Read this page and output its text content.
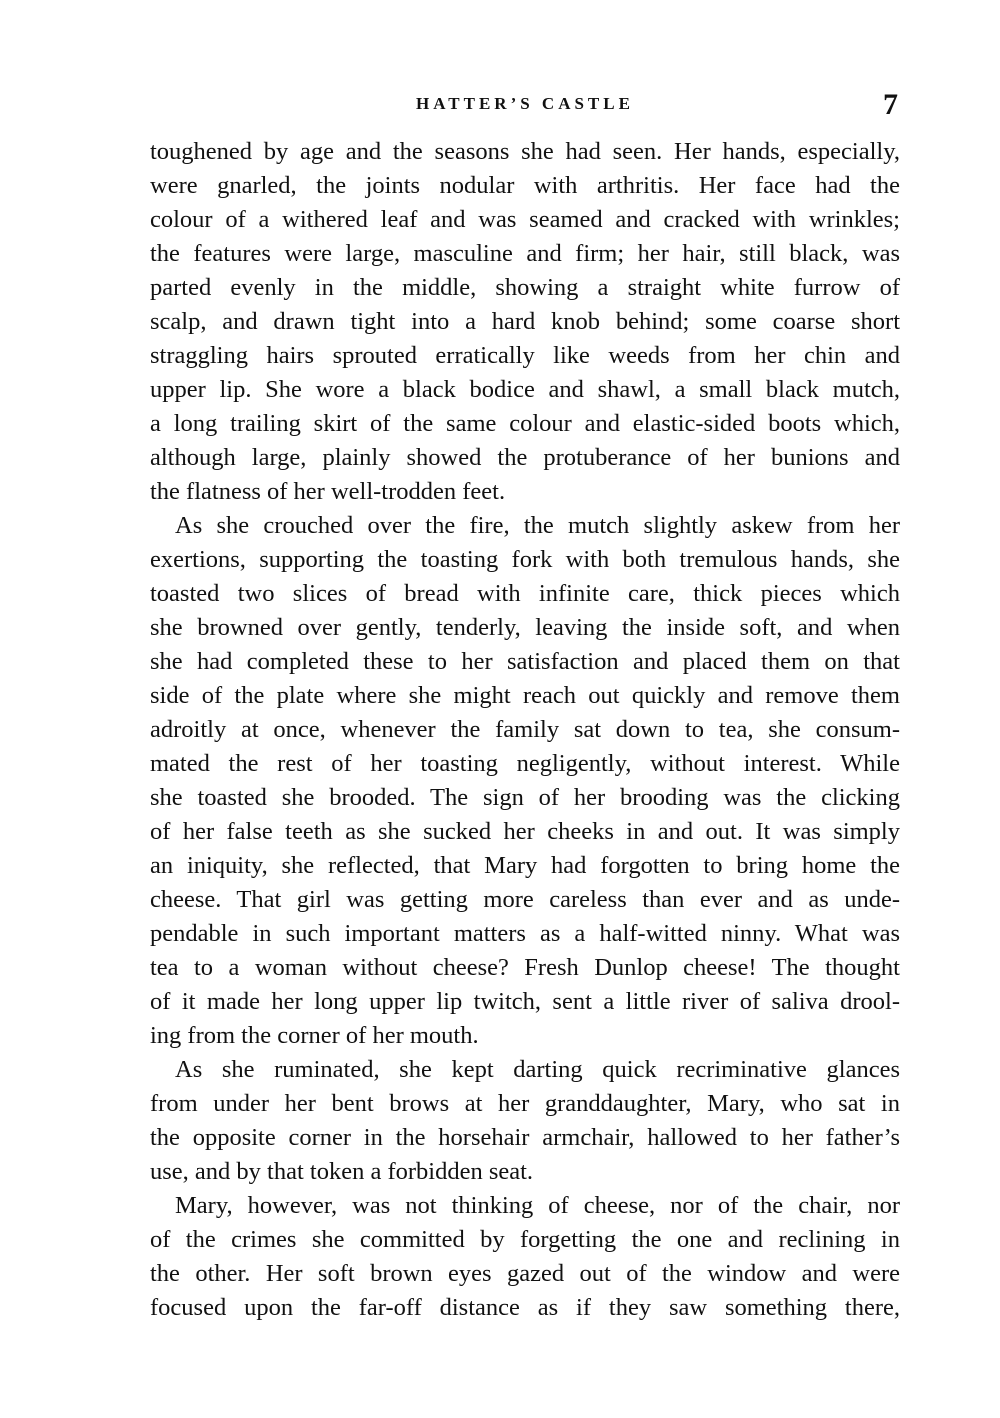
HATTER’S CASTLE	7
toughened by age and the seasons she had seen. Her hands, especially,
were gnarled, the joints nodular with arthritis. Her face had the
colour of a withered leaf and was seamed and cracked with wrinkles;
the features were large, masculine and firm; her hair, still black, was
parted evenly in the middle, showing a straight white furrow of
scalp, and drawn tight into a hard knob behind; some coarse short
straggling hairs sprouted erratically like weeds from her chin and
upper lip. She wore a black bodice and shawl, a small black mutch,
a long trailing skirt of the same colour and elastic-sided boots which,
although large, plainly showed the protuberance of her bunions and
the flatness of her well-trodden feet.
As she crouched over the fire, the mutch slightly askew from her
exertions, supporting the toasting fork with both tremulous hands, she
toasted two slices of bread with infinite care, thick pieces which
she browned over gently, tenderly, leaving the inside soft, and when
she had completed these to her satisfaction and placed them on that
side of the plate where she might reach out quickly and remove them
adroitly at once, whenever the family sat down to tea, she consum-
mated the rest of her toasting negligently, without interest. While
she toasted she brooded. The sign of her brooding was the clicking
of her false teeth as she sucked her cheeks in and out. It was simply
an iniquity, she reflected, that Mary had forgotten to bring home the
cheese. That girl was getting more careless than ever and as unde-
pendable in such important matters as a half-witted ninny. What was
tea to a woman without cheese? Fresh Dunlop cheese! The thought
of it made her long upper lip twitch, sent a little river of saliva drool-
ing from the corner of her mouth.
As she ruminated, she kept darting quick recriminative glances
from under her bent brows at her granddaughter, Mary, who sat in
the opposite corner in the horsehair armchair, hallowed to her father’s
use, and by that token a forbidden seat.
Mary, however, was not thinking of cheese, nor of the chair, nor
of the crimes she committed by forgetting the one and reclining in
the other. Her soft brown eyes gazed out of the window and were
focused upon the far-off distance as if they saw something there,
